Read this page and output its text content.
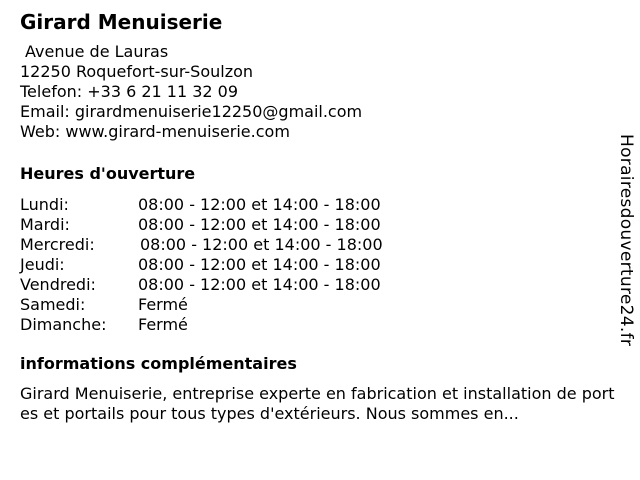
Girard Menuiserie
Avenue de Lauras
12250 Roquefort-sur-Soulzon
Telefon: +33 6 21 11 32 09
Email: girardmenuiserie12250@gmail.com
Web: www.girard-menuiserie.com
Heures d'ouverture
Lundi:	08:00 - 12:00 et 14:00 - 18:00
Mardi:	08:00 - 12:00 et 14:00 - 18:00
Mercredi:	08:00 - 12:00 et 14:00 - 18:00
Jeudi:	08:00 - 12:00 et 14:00 - 18:00
Vendredi:	08:00 - 12:00 et 14:00 - 18:00
Samedi:	Fermé
Dimanche:	Fermé
informations complémentaires
Girard Menuiserie, entreprise experte en fabrication et installation de portes et portails pour tous types d'extérieurs. Nous sommes en...
Horairesdouverture24.fr
